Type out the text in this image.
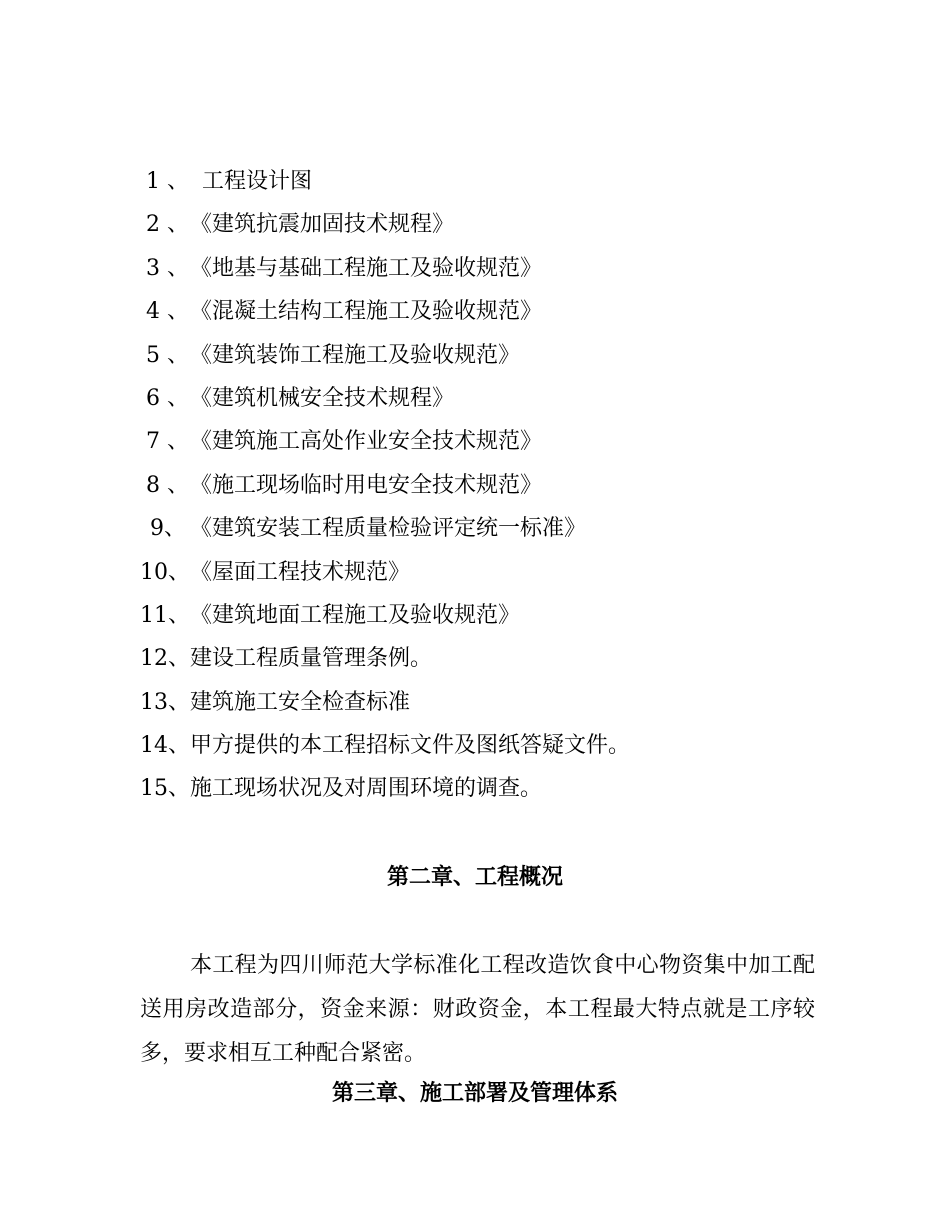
1 、 工程设计图
2 、《建筑抗震加固技术规程》
3 、《地基与基础工程施工及验收规范》
4 、《混凝土结构工程施工及验收规范》
5 、《建筑装饰工程施工及验收规范》
6 、《建筑机械安全技术规程》
7 、《建筑施工高处作业安全技术规范》
8 、《施工现场临时用电安全技术规范》
9、 《建筑安装工程质量检验评定统一标准》
10、《屋面工程技术规范》
11、《建筑地面工程施工及验收规范》
12、建设工程质量管理条例。
13、建筑施工安全检查标准
14、甲方提供的本工程招标文件及图纸答疑文件。
15、施工现场状况及对周围环境的调查。
第二章、工程概况

本工程为四川师范大学标准化工程改造饮食中心物资集中加工配送用房改造部分，资金来源：财政资金，本工程最大特点就是工序较多，要求相互工种配合紧密。

第三章、施工部署及管理体系
